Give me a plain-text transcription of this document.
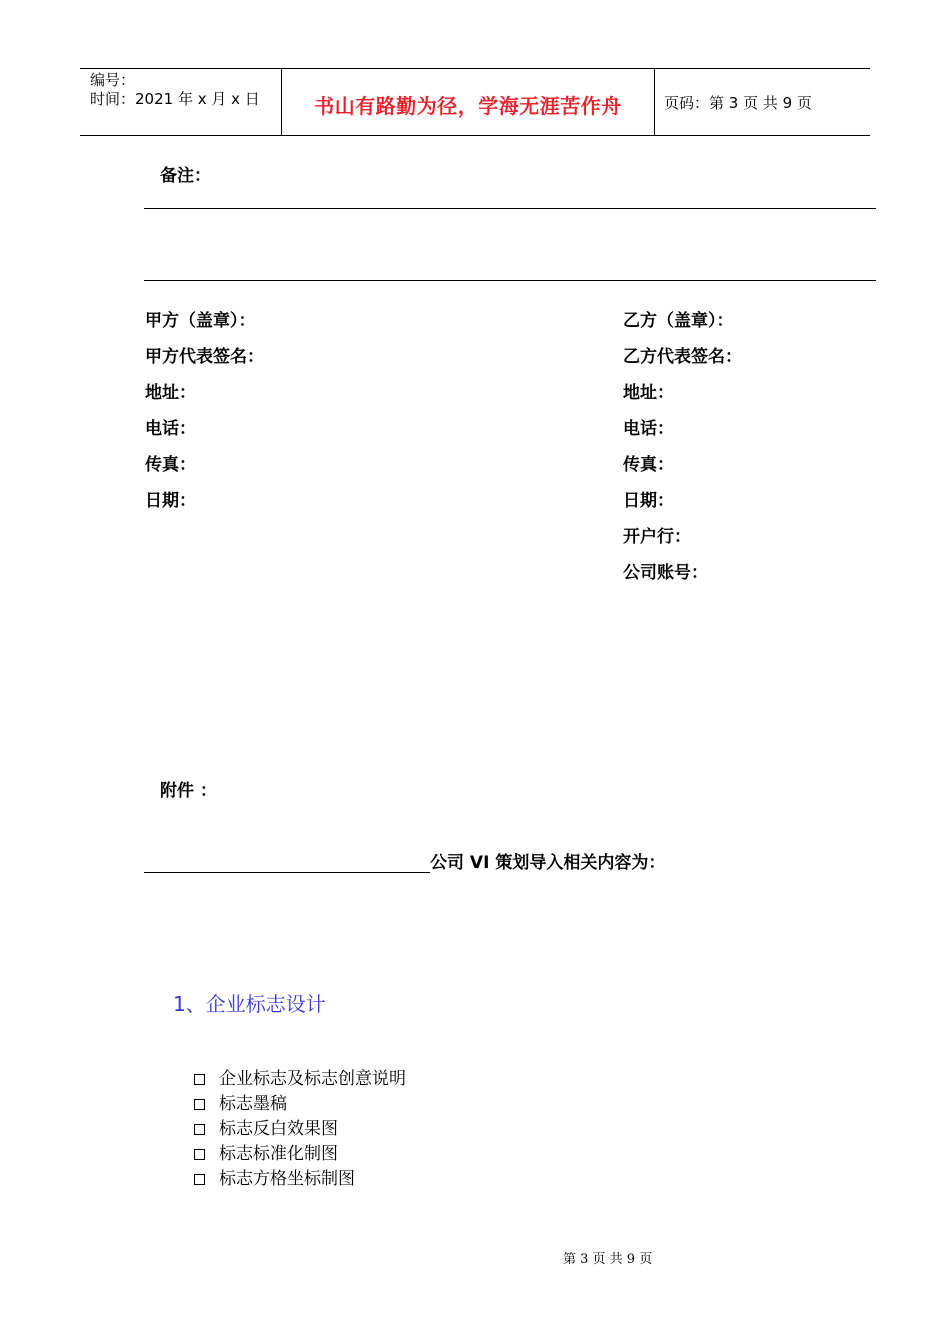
编号：
时间：2021 年 x 月 x 日	书山有路勤为径，学海无涯苦作舟	页码：第 3 页 共 9 页
备注：
甲方（盖章）：
甲方代表签名：
地址：
电话：
传真：
日期：
乙方（盖章）：
乙方代表签名：
地址：
电话：
传真：
日期：
开户行：
公司账号：
附件 ：
公司 VI 策划导入相关内容为：
1、企业标志设计
企业标志及标志创意说明
标志墨稿
标志反白效果图
标志标准化制图
标志方格坐标制图
第 3 页 共 9 页
